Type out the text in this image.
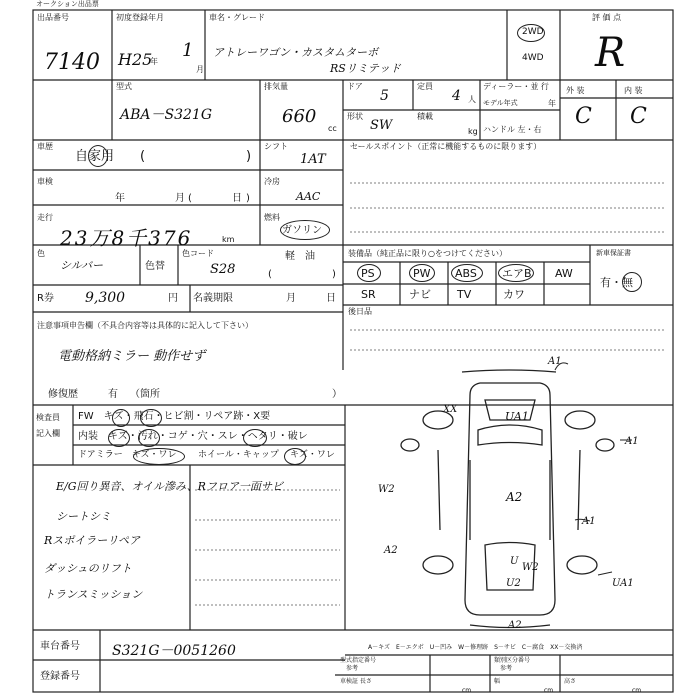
オークション出品票
出品番号
7140
初度登録年月
H25
年
1
月
車名・グレード
アトレーワゴン・カスタムターボ
RSリミテッド
2WD
4WD
評 価 点
R
型式
ABA－S321G
排気量
660
cc
ドア
5
定員
4 人
ディーラー・並 行
モデル年式	年
外 装	内 装
C C
形状
SW
積載
kg ハンドル 左・右
車歴
自家用 (	)
シフト
1AT
セールスポイント（正常に機能するものに限ります）
車検
年	月 (	日 )
冷房
AAC
走行
23万8千376	km
燃料
ガソリン
色
シルバー	色替
色コード
S28
軽　油
(	)
R券 9,300	円 名義期限	月	日
装備品（純正品に限り○をつけてください）	新車保証書
有・無
PS	PW ABS エアB AW
SR	ナビ TV	カワ
後日品
注意事項申告欄（不具合内容等は具体的に記入して下さい）
電動格納ミラー 動作せず
修復歴	有 （箇所	）
検査員
記入欄
FW　キズ・飛石・ヒビ割・リペア跡・X要
内装　キズ・汚れ・コゲ・穴・スレ・ヘタリ・破レ
ドアミラー　キズ・ワレ ホイール・キャップ キズ・ワレ
E/G回り異音、オイル滲み、Rフロア一面サビ
シートシミ
Rスポイラーリペア
ダッシュのリフト
トランスミッション
A1
XX
UA1
A1
W2
A2
A2
U
A1
W2
U2	UA1
A2
A－キズ　E－エクボ　U－凹み　W－修理跡　S－サビ　C－腐食　XX－交換済
車台番号 S321G－0051260
登録番号
型式指定番号
参考
類別区分番号
参考
車検証 長さ
cm
幅
cm
高さ
cm
